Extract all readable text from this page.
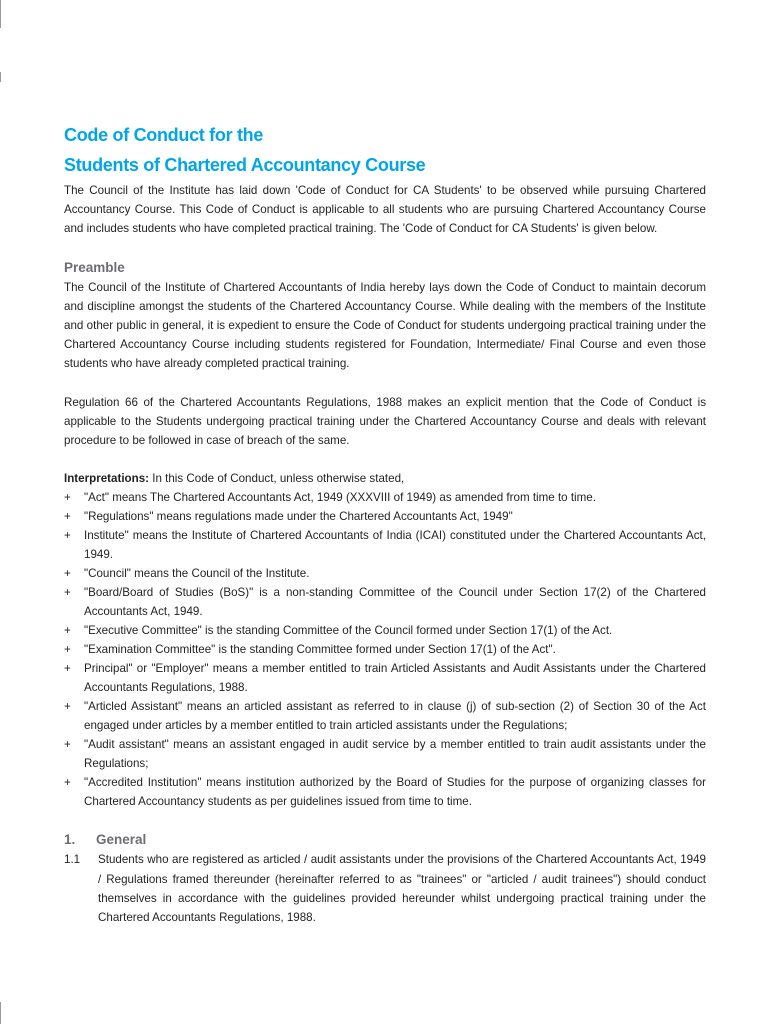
Code of Conduct for the
Students of Chartered Accountancy Course

The Council of the Institute has laid down 'Code of Conduct for CA Students' to be observed while pursuing Chartered Accountancy Course. This Code of Conduct is applicable to all students who are pursuing Chartered Accountancy Course and includes students who have completed practical training. The 'Code of Conduct for CA Students' is given below.

Preamble

The Council of the Institute of Chartered Accountants of India hereby lays down the Code of Conduct to maintain decorum and discipline amongst the students of the Chartered Accountancy Course. While dealing with the members of the Institute and other public in general, it is expedient to ensure the Code of Conduct for students undergoing practical training under the Chartered Accountancy Course including students registered for Foundation, Intermediate/ Final Course and even those students who have already completed practical training.

Regulation 66 of the Chartered Accountants Regulations, 1988 makes an explicit mention that the Code of Conduct is applicable to the Students undergoing practical training under the Chartered Accountancy Course and deals with relevant procedure to be followed in case of breach of the same.

Interpretations: In this Code of Conduct, unless otherwise stated,

+ "Act" means The Chartered Accountants Act, 1949 (XXXVIII of 1949) as amended from time to time.
+ "Regulations" means regulations made under the Chartered Accountants Act, 1949"
+ Institute" means the Institute of Chartered Accountants of India (ICAI) constituted under the Chartered Accountants Act, 1949.
+ "Council" means the Council of the Institute.
+ "Board/Board of Studies (BoS)" is a non-standing Committee of the Council under Section 17(2) of the Chartered Accountants Act, 1949.
+ "Executive Committee" is the standing Committee of the Council formed under Section 17(1) of the Act.
+ "Examination Committee" is the standing Committee formed under Section 17(1) of the Act".
+ Principal" or "Employer" means a member entitled to train Articled Assistants and Audit Assistants under the Chartered Accountants Regulations, 1988.
+ "Articled Assistant" means an articled assistant as referred to in clause (j) of sub-section (2) of Section 30 of the Act engaged under articles by a member entitled to train articled assistants under the Regulations;
+ "Audit assistant" means an assistant engaged in audit service by a member entitled to train audit assistants under the Regulations;
+ "Accredited Institution" means institution authorized by the Board of Studies for the purpose of organizing classes for Chartered Accountancy students as per guidelines issued from time to time.
1.	General
1.1 Students who are registered as articled / audit assistants under the provisions of the Chartered Accountants Act, 1949 / Regulations framed thereunder (hereinafter referred to as "trainees" or "articled / audit trainees") should conduct themselves in accordance with the guidelines provided hereunder whilst undergoing practical training under the Chartered Accountants Regulations, 1988.
